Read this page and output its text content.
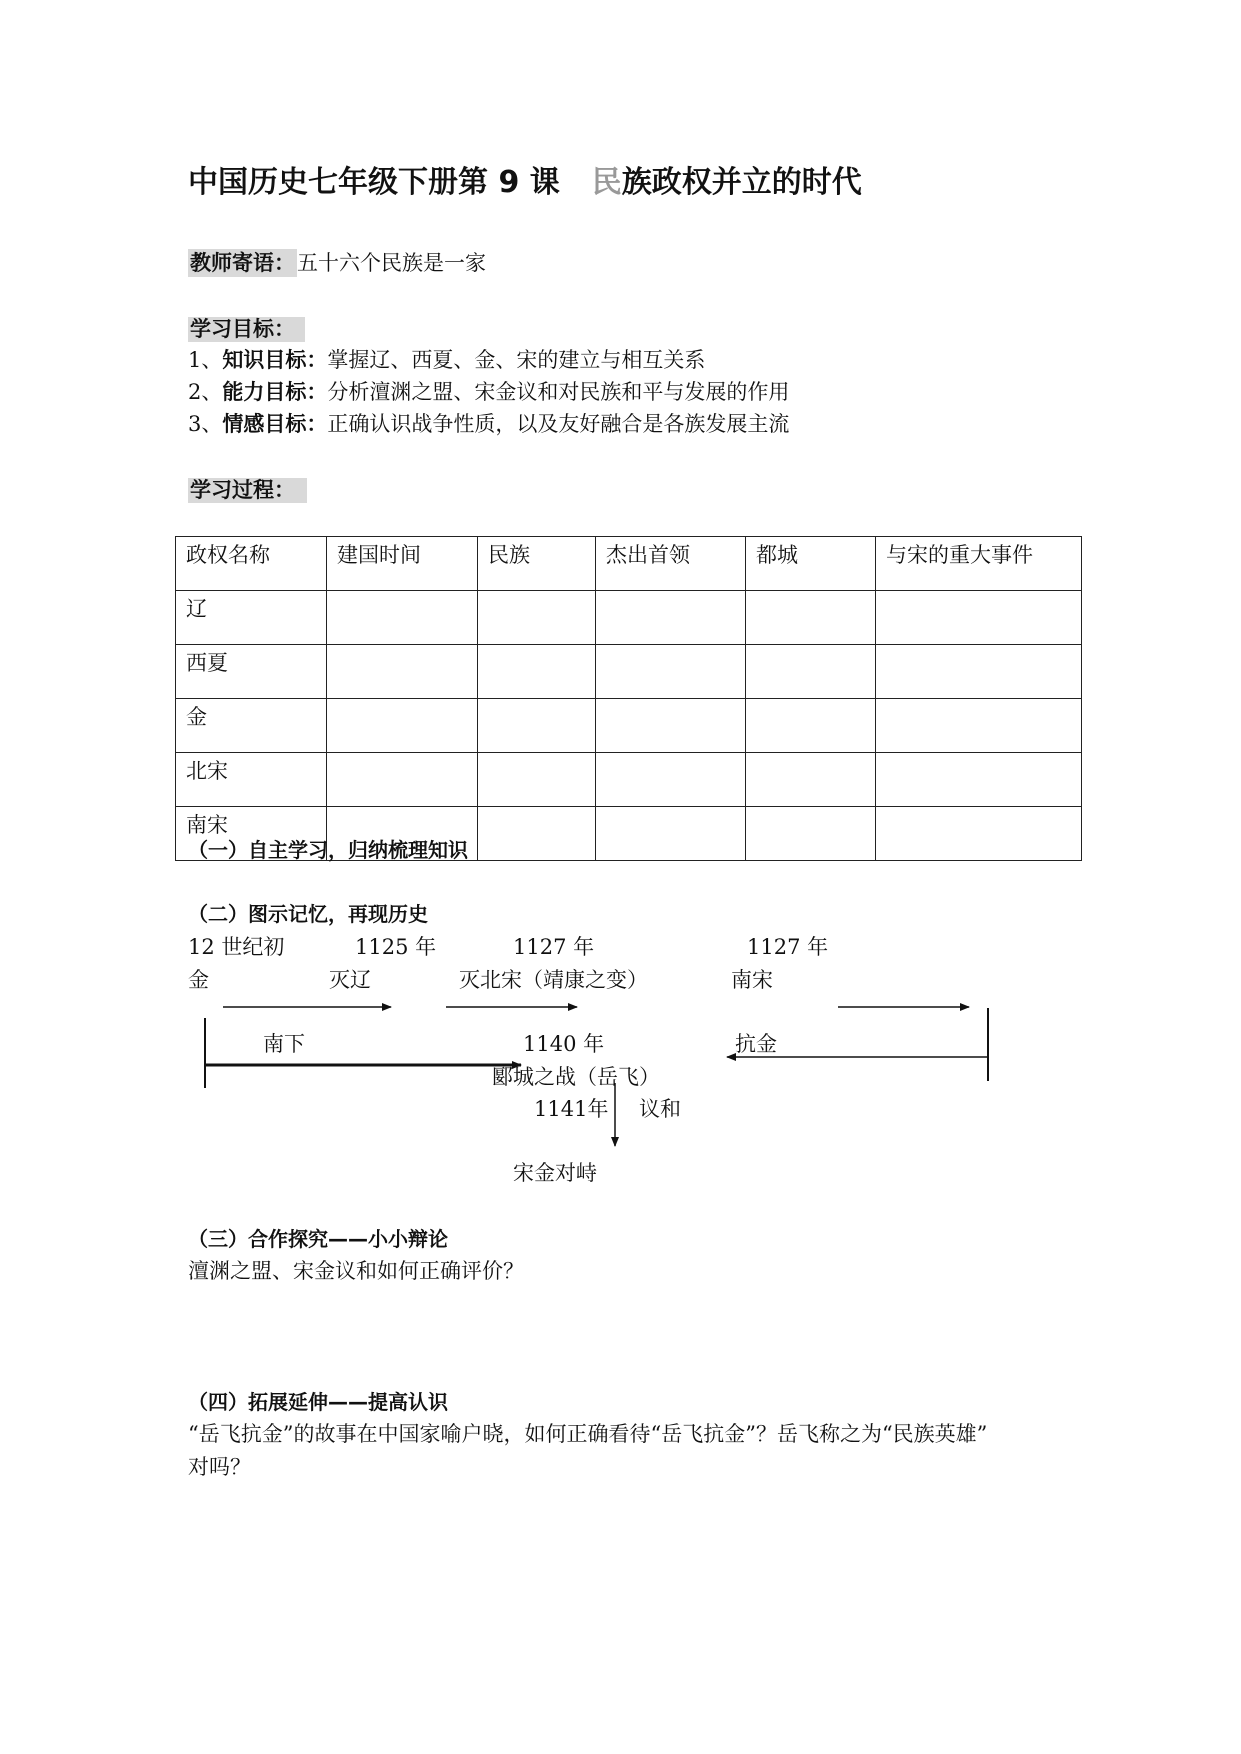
中国历史七年级下册第 9 课 民族政权并立的时代
教师寄语：五十六个民族是一家
学习目标：
1、知识目标：掌握辽、西夏、金、宋的建立与相互关系
2、能力目标：分析澶渊之盟、宋金议和对民族和平与发展的作用
3、情感目标：正确认识战争性质，以及友好融合是各族发展主流
学习过程：
政权名称	建国时间	民族	杰出首领	都城	与宋的重大事件
辽					
西夏					
金					
北宋					
南宋					
（一）自主学习，归纳梳理知识
（二）图示记忆，再现历史
12 世纪初	1125 年	1127 年	1127 年
金	灭辽	灭北宋（靖康之变）	南宋
南下	1140 年	抗金
郾城之战（岳飞）
1141年 议和
宋金对峙
（三）合作探究——小小辩论
澶渊之盟、宋金议和如何正确评价？
（四）拓展延伸——提高认识
“岳飞抗金”的故事在中国家喻户晓，如何正确看待“岳飞抗金”？岳飞称之为“民族英雄”
对吗？
